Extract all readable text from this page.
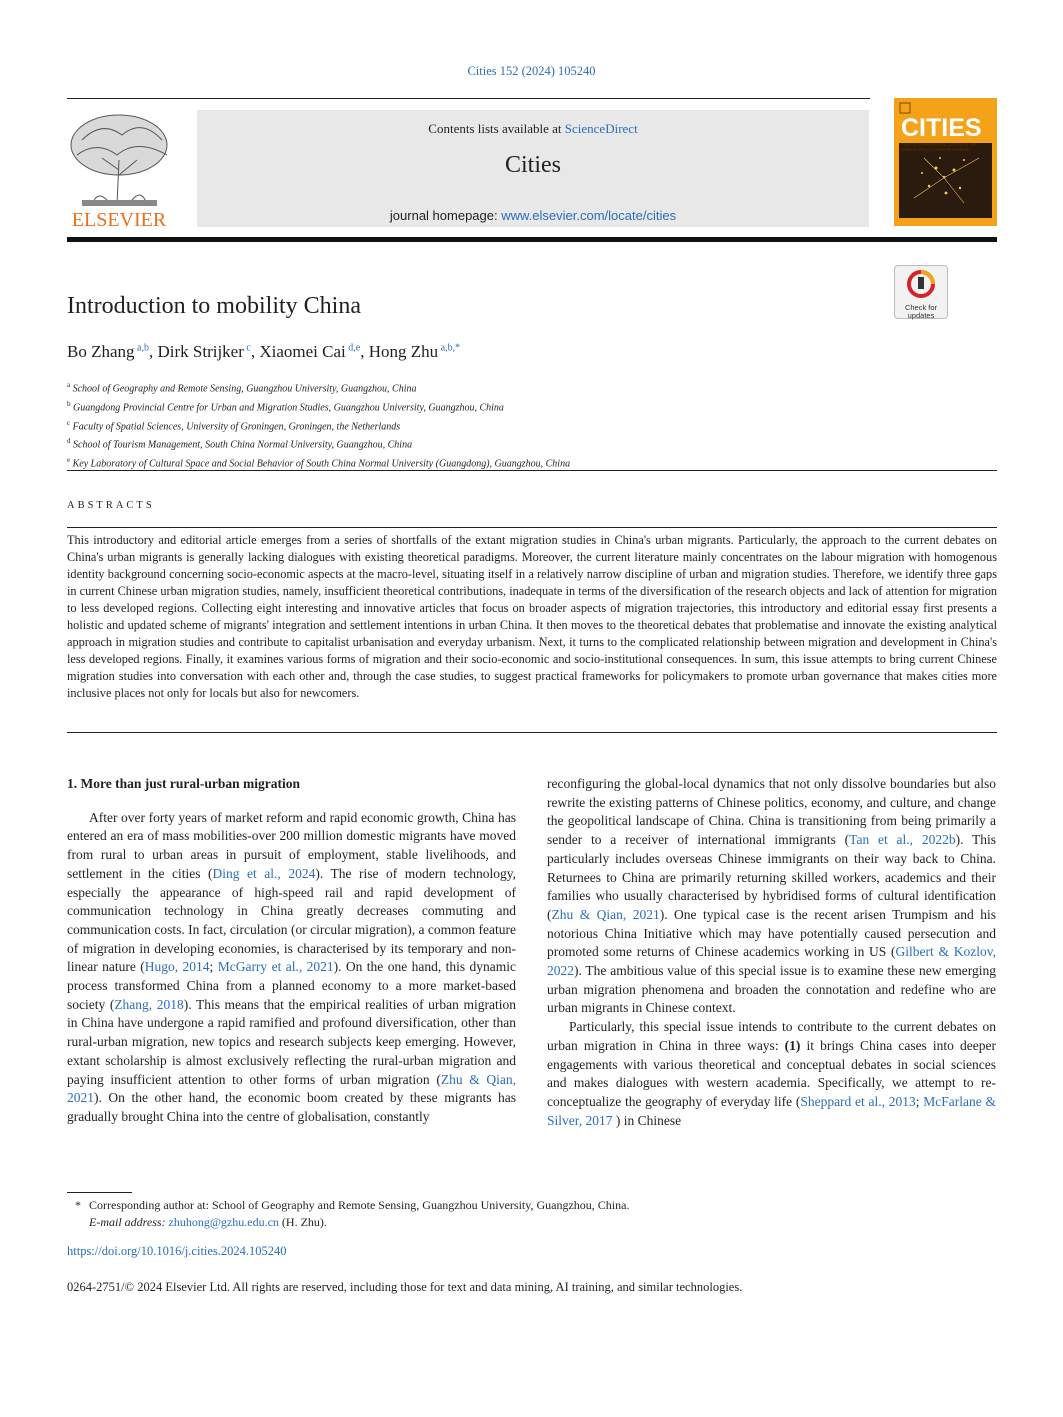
Cities 152 (2024) 105240
ELSEVIER
Contents lists available at ScienceDirect
Cities
journal homepage: www.elsevier.com/locate/cities
CITIES
THE INTERNATIONAL JOURNAL OF URBAN POLICY AND PLANNING
Check for
updates
Introduction to mobility China
Bo Zhang $^{a,b}$, Dirk Strijker $^c$, Xiaomei Cai $^{d,e}$, Hong Zhu $^{a,b,*}$
$^a$ School of Geography and Remote Sensing, Guangzhou University, Guangzhou, China
$^b$ Guangdong Provincial Centre for Urban and Migration Studies, Guangzhou University, Guangzhou, China
$^c$ Faculty of Spatial Sciences, University of Groningen, Groningen, the Netherlands
$^d$ School of Tourism Management, South China Normal University, Guangzhou, China
$^e$ Key Laboratory of Cultural Space and Social Behavior of South China Normal University (Guangdong), Guangzhou, China
ABSTRACTS
This introductory and editorial article emerges from a series of shortfalls of the extant migration studies in China's urban migrants. Particularly, the approach to the current debates on China's urban migrants is generally lacking dialogues with existing theoretical paradigms. Moreover, the current literature mainly concentrates on the labour migration with homogenous identity background concerning socio-economic aspects at the macro-level, situating itself in a relatively narrow discipline of urban and migration studies. Therefore, we identify three gaps in current Chinese urban migration studies, namely, insufficient theoretical contributions, inadequate in terms of the diversification of the research objects and lack of attention for migration to less developed regions. Collecting eight interesting and innovative articles that focus on broader aspects of migration trajectories, this introductory and editorial essay first presents a holistic and updated scheme of migrants' integration and settlement intentions in urban China. It then moves to the theoretical debates that problematise and innovate the existing analytical approach in migration studies and contribute to capitalist urbanisation and everyday urbanism. Next, it turns to the complicated relationship between migration and development in China's less developed regions. Finally, it examines various forms of migration and their socio-economic and socio-institutional consequences. In sum, this issue attempts to bring current Chinese migration studies into conversation with each other and, through the case studies, to suggest practical frameworks for policymakers to promote urban governance that makes cities more inclusive places not only for locals but also for newcomers.
1. More than just rural-urban migration

After over forty years of market reform and rapid economic growth, China has entered an era of mass mobilities-over 200 million domestic migrants have moved from rural to urban areas in pursuit of employment, stable livelihoods, and settlement in the cities (Ding et al., 2024). The rise of modern technology, especially the appearance of high-speed rail and rapid development of communication technology in China greatly decreases commuting and communication costs. In fact, circulation (or circular migration), a common feature of migration in developing economies, is characterised by its temporary and non-linear nature (Hugo, 2014; McGarry et al., 2021). On the one hand, this dynamic process transformed China from a planned economy to a more market-based society (Zhang, 2018). This means that the empirical realities of urban migration in China have undergone a rapid ramified and profound diversification, other than rural-urban migration, new topics and research subjects keep emerging. However, extant scholarship is almost exclusively reflecting the rural-urban migration and paying insufficient attention to other forms of urban migration (Zhu & Qian, 2021). On the other hand, the economic boom created by these migrants has gradually brought China into the centre of globalisation, constantly

reconfiguring the global-local dynamics that not only dissolve boundaries but also rewrite the existing patterns of Chinese politics, economy, and culture, and change the geopolitical landscape of China. China is transitioning from being primarily a sender to a receiver of international immigrants (Tan et al., 2022b). This particularly includes overseas Chinese immigrants on their way back to China. Returnees to China are primarily returning skilled workers, academics and their families who usually characterised by hybridised forms of cultural identification (Zhu & Qian, 2021). One typical case is the recent arisen Trumpism and his notorious China Initiative which may have potentially caused persecution and promoted some returns of Chinese academics working in US (Gilbert & Kozlov, 2022). The ambitious value of this special issue is to examine these new emerging urban migration phenomena and broaden the connotation and redefine who are urban migrants in Chinese context.

Particularly, this special issue intends to contribute to the current debates on urban migration in China in three ways: (1) it brings China cases into deeper engagements with various theoretical and conceptual debates in social sciences and makes dialogues with western academia. Specifically, we attempt to re-conceptualize the geography of everyday life (Sheppard et al., 2013; McFarlane & Silver, 2017 ) in Chinese

* Corresponding author at: School of Geography and Remote Sensing, Guangzhou University, Guangzhou, China.
E-mail address: zhuhong@gzhu.edu.cn (H. Zhu).
https://doi.org/10.1016/j.cities.2024.105240
0264-2751/© 2024 Elsevier Ltd. All rights are reserved, including those for text and data mining, AI training, and similar technologies.
